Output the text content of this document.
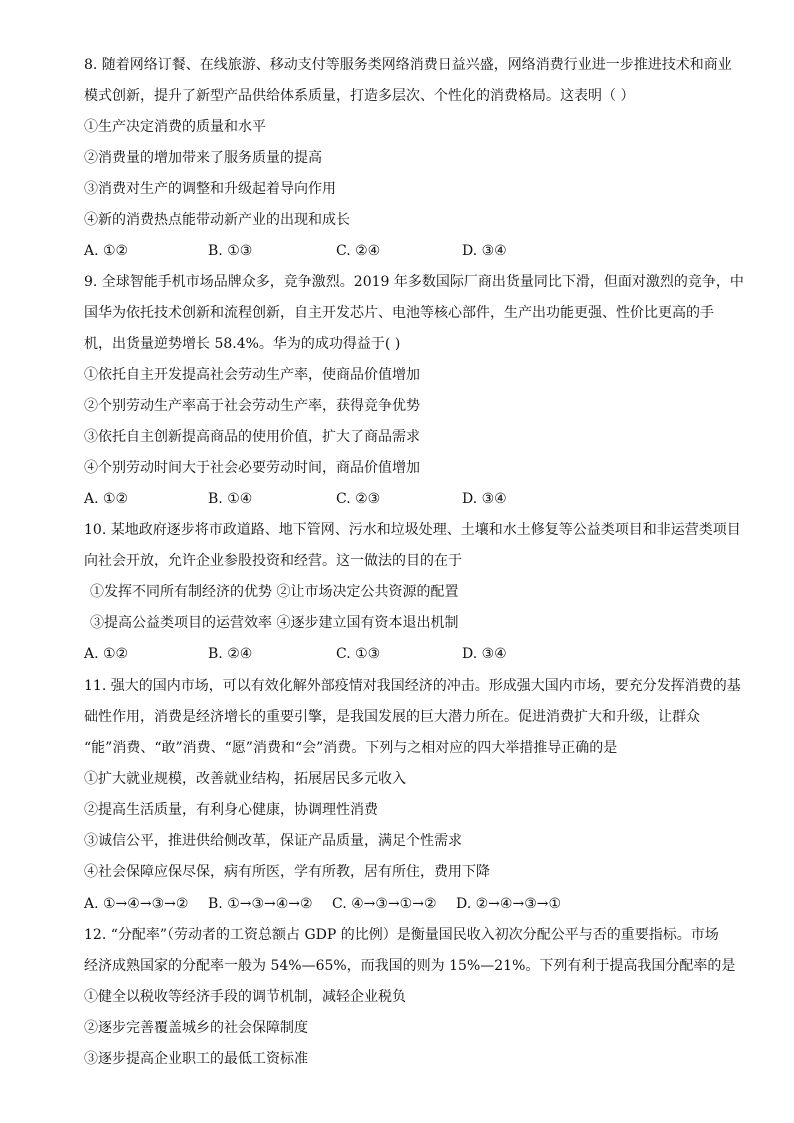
8. 随着网络订餐、在线旅游、移动支付等服务类网络消费日益兴盛，网络消费行业进一步推进技术和商业
模式创新，提升了新型产品供给体系质量，打造多层次、个性化的消费格局。这表明（ ）
①生产决定消费的质量和水平
②消费量的增加带来了服务质量的提高
③消费对生产的调整和升级起着导向作用
④新的消费热点能带动新产业的出现和成长
A. ①②	B. ①③	C. ②④	D. ③④
9. 全球智能手机市场品牌众多，竞争激烈。2019 年多数国际厂商出货量同比下滑，但面对激烈的竞争，中
国华为依托技术创新和流程创新，自主开发芯片、电池等核心部件，生产出功能更强、性价比更高的手
机，出货量逆势增长 58.4%。华为的成功得益于( )
①依托自主开发提高社会劳动生产率，使商品价值增加
②个别劳动生产率高于社会劳动生产率，获得竞争优势
③依托自主创新提高商品的使用价值，扩大了商品需求
④个别劳动时间大于社会必要劳动时间，商品价值增加
A. ①②	B. ①④	C. ②③	D. ③④
10. 某地政府逐步将市政道路、地下管网、污水和垃圾处理、土壤和水土修复等公益类项目和非运营类项目
向社会开放，允许企业参股投资和经营。这一做法的目的在于
①发挥不同所有制经济的优势 ②让市场决定公共资源的配置
③提高公益类项目的运营效率 ④逐步建立国有资本退出机制
A. ①②	B. ②④	C. ①③	D. ③④
11. 强大的国内市场，可以有效化解外部疫情对我国经济的冲击。形成强大国内市场，要充分发挥消费的基
础性作用，消费是经济增长的重要引擎，是我国发展的巨大潜力所在。促进消费扩大和升级，让群众
“能”消费、“敢”消费、“愿”消费和“会”消费。下列与之相对应的四大举措推导正确的是
①扩大就业规模，改善就业结构，拓展居民多元收入
②提高生活质量，有利身心健康，协调理性消费
③诚信公平，推进供给侧改革，保证产品质量，满足个性需求
④社会保障应保尽保，病有所医，学有所教，居有所住，费用下降
A. ①→④→③→② B. ①→③→④→② C. ④→③→①→② D. ②→④→③→①
12. “分配率”（劳动者的工资总额占 GDP 的比例）是衡量国民收入初次分配公平与否的重要指标。市场
经济成熟国家的分配率一般为 54%—65%，而我国的则为 15%—21%。下列有利于提高我国分配率的是
①健全以税收等经济手段的调节机制，减轻企业税负
②逐步完善覆盖城乡的社会保障制度
③逐步提高企业职工的最低工资标准
